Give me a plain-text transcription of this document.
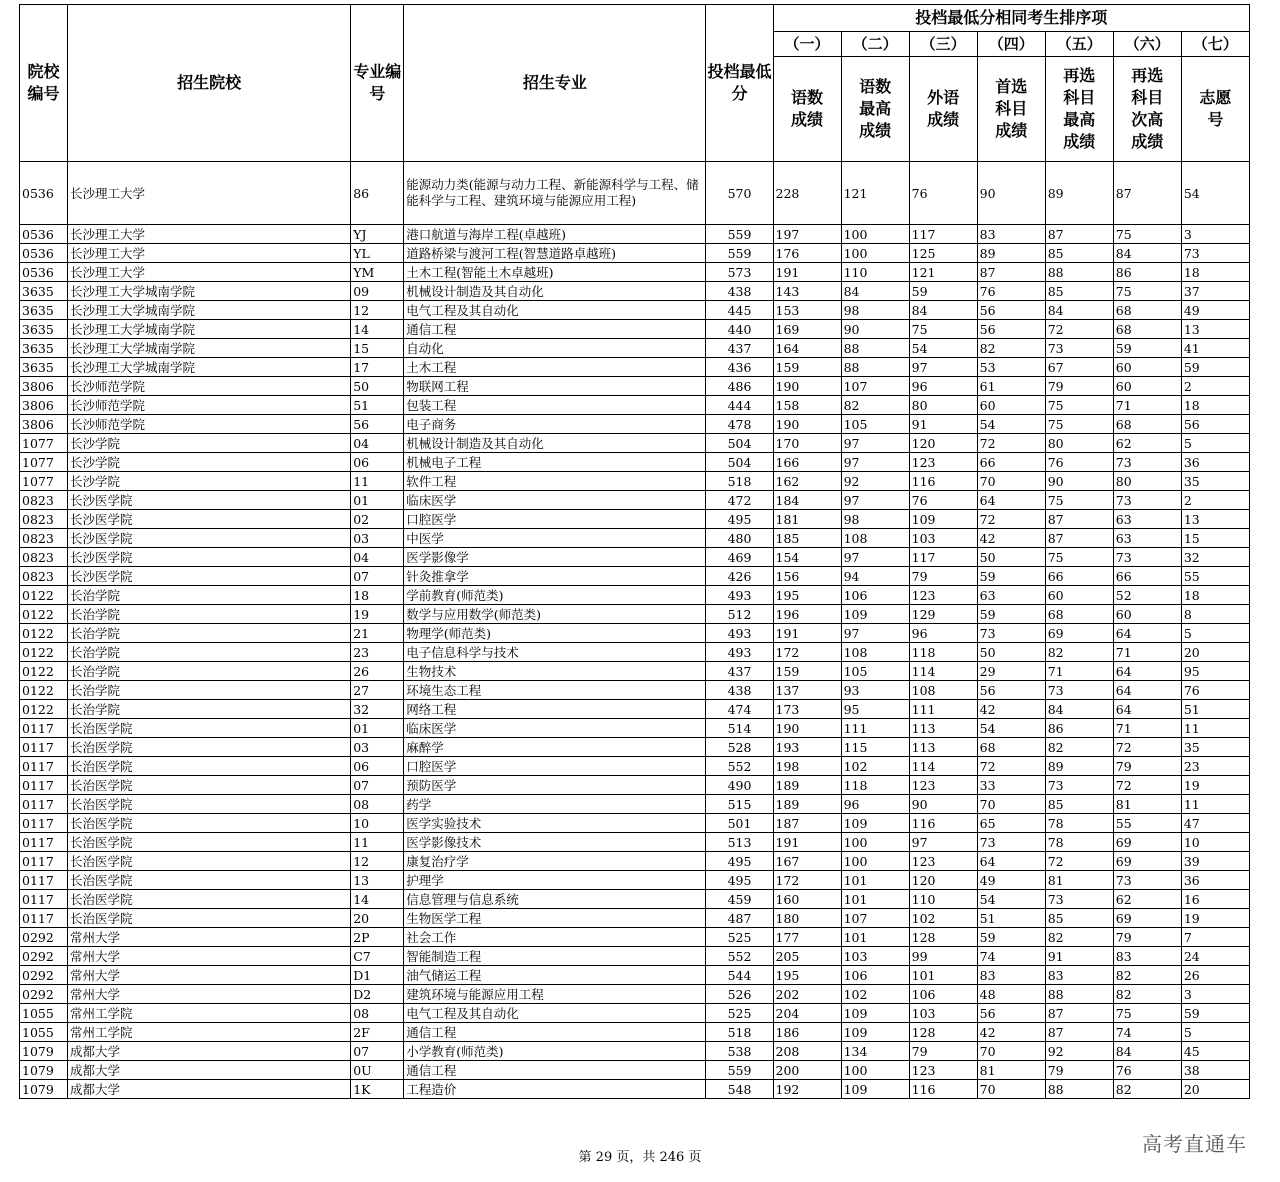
院校编号	招生院校	专业编号	招生专业	投档最低分	投档最低分相同考生排序项						
					（一）	（二）	（三）	（四）	（五）	（六）	（七）
					语数成绩	语数最高成绩	外语成绩	首选科目成绩	再选科目最高成绩	再选科目次高成绩	志愿号
0536	长沙理工大学	86	能源动力类(能源与动力工程、新能源科学与工程、储能科学与工程、建筑环境与能源应用工程)	570	228	121	76	90	89	87	54
0536	长沙理工大学	YJ	港口航道与海岸工程(卓越班)	559	197	100	117	83	87	75	3
0536	长沙理工大学	YL	道路桥梁与渡河工程(智慧道路卓越班)	559	176	100	125	89	85	84	73
0536	长沙理工大学	YM	土木工程(智能土木卓越班)	573	191	110	121	87	88	86	18
3635	长沙理工大学城南学院	09	机械设计制造及其自动化	438	143	84	59	76	85	75	37
3635	长沙理工大学城南学院	12	电气工程及其自动化	445	153	98	84	56	84	68	49
3635	长沙理工大学城南学院	14	通信工程	440	169	90	75	56	72	68	13
3635	长沙理工大学城南学院	15	自动化	437	164	88	54	82	73	59	41
3635	长沙理工大学城南学院	17	土木工程	436	159	88	97	53	67	60	59
3806	长沙师范学院	50	物联网工程	486	190	107	96	61	79	60	2
3806	长沙师范学院	51	包装工程	444	158	82	80	60	75	71	18
3806	长沙师范学院	56	电子商务	478	190	105	91	54	75	68	56
1077	长沙学院	04	机械设计制造及其自动化	504	170	97	120	72	80	62	5
1077	长沙学院	06	机械电子工程	504	166	97	123	66	76	73	36
1077	长沙学院	11	软件工程	518	162	92	116	70	90	80	35
0823	长沙医学院	01	临床医学	472	184	97	76	64	75	73	2
0823	长沙医学院	02	口腔医学	495	181	98	109	72	87	63	13
0823	长沙医学院	03	中医学	480	185	108	103	42	87	63	15
0823	长沙医学院	04	医学影像学	469	154	97	117	50	75	73	32
0823	长沙医学院	07	针灸推拿学	426	156	94	79	59	66	66	55
0122	长治学院	18	学前教育(师范类)	493	195	106	123	63	60	52	18
0122	长治学院	19	数学与应用数学(师范类)	512	196	109	129	59	68	60	8
0122	长治学院	21	物理学(师范类)	493	191	97	96	73	69	64	5
0122	长治学院	23	电子信息科学与技术	493	172	108	118	50	82	71	20
0122	长治学院	26	生物技术	437	159	105	114	29	71	64	95
0122	长治学院	27	环境生态工程	438	137	93	108	56	73	64	76
0122	长治学院	32	网络工程	474	173	95	111	42	84	64	51
0117	长治医学院	01	临床医学	514	190	111	113	54	86	71	11
0117	长治医学院	03	麻醉学	528	193	115	113	68	82	72	35
0117	长治医学院	06	口腔医学	552	198	102	114	72	89	79	23
0117	长治医学院	07	预防医学	490	189	118	123	33	73	72	19
0117	长治医学院	08	药学	515	189	96	90	70	85	81	11
0117	长治医学院	10	医学实验技术	501	187	109	116	65	78	55	47
0117	长治医学院	11	医学影像技术	513	191	100	97	73	78	69	10
0117	长治医学院	12	康复治疗学	495	167	100	123	64	72	69	39
0117	长治医学院	13	护理学	495	172	101	120	49	81	73	36
0117	长治医学院	14	信息管理与信息系统	459	160	101	110	54	73	62	16
0117	长治医学院	20	生物医学工程	487	180	107	102	51	85	69	19
0292	常州大学	2P	社会工作	525	177	101	128	59	82	79	7
0292	常州大学	C7	智能制造工程	552	205	103	99	74	91	83	24
0292	常州大学	D1	油气储运工程	544	195	106	101	83	83	82	26
0292	常州大学	D2	建筑环境与能源应用工程	526	202	102	106	48	88	82	3
1055	常州工学院	08	电气工程及其自动化	525	204	109	103	56	87	75	59
1055	常州工学院	2F	通信工程	518	186	109	128	42	87	74	5
1079	成都大学	07	小学教育(师范类)	538	208	134	79	70	92	84	45
1079	成都大学	0U	通信工程	559	200	100	123	81	79	76	38
1079	成都大学	1K	工程造价	548	192	109	116	70	88	82	20
第 29 页，共 246 页
高考直通车
